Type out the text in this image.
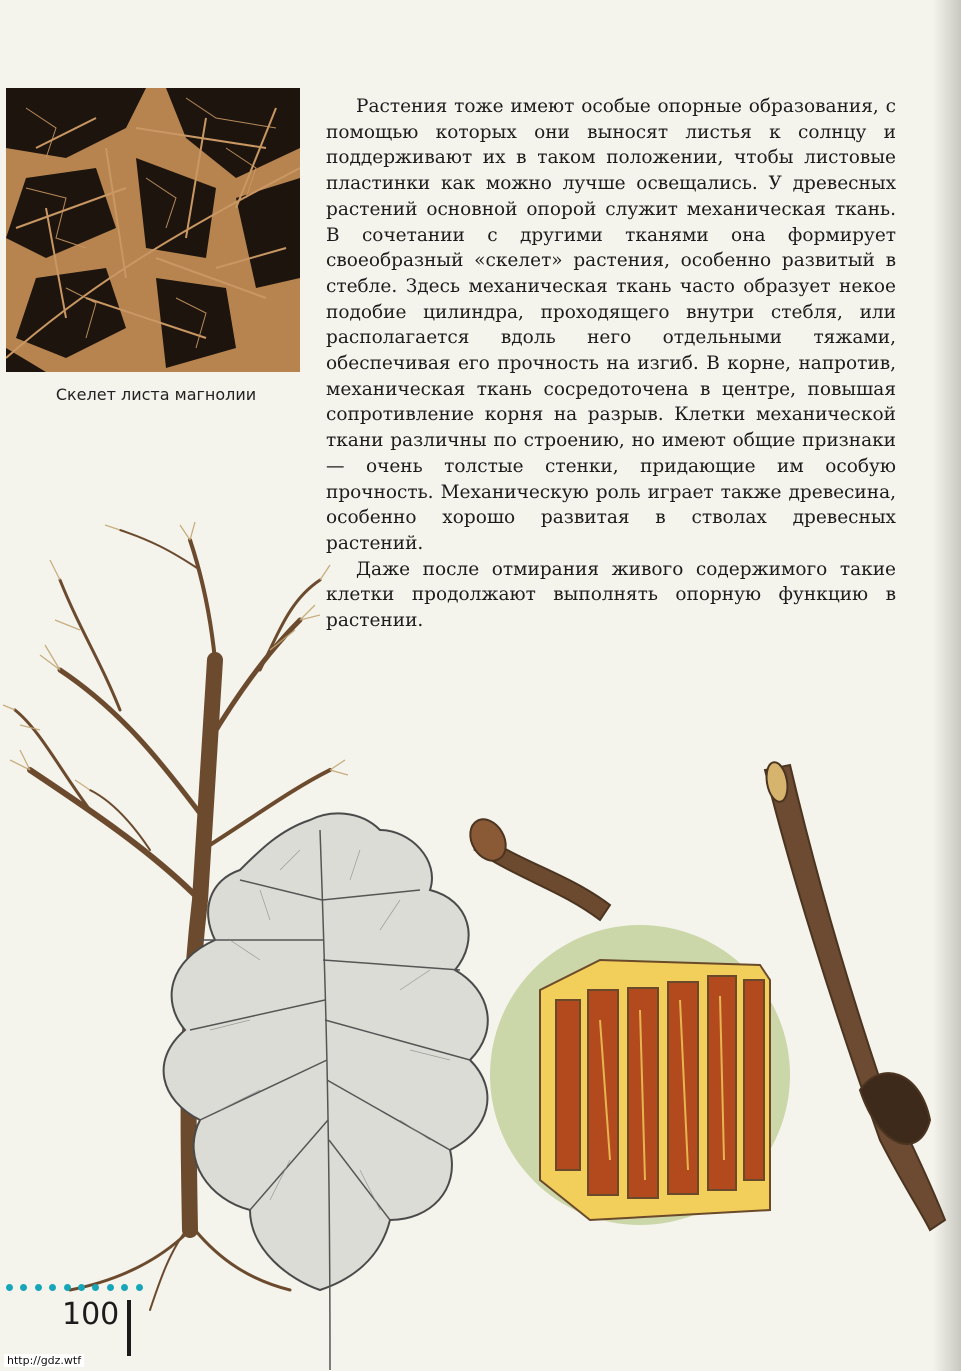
Скелет листа магнолии

Растения тоже имеют особые опорные образования, с помощью которых они выносят листья к солнцу и поддерживают их в таком положении, чтобы листовые пластинки как можно лучше освещались. У древесных растений основной опорой служит механическая ткань. В сочетании с другими тканями она формирует своеобразный «скелет» растения, особенно развитый в стебле. Здесь механическая ткань часто образует некое подобие цилиндра, проходящего внутри стебля, или располагается вдоль него отдельными тяжами, обеспечивая его прочность на изгиб. В корне, напротив, механическая ткань сосредоточена в центре, повышая сопротивление корня на разрыв. Клетки механической ткани различны по строению, но имеют общие признаки — очень толстые стенки, придающие им особую прочность. Механическую роль играет также древесина, особенно хорошо развитая в стволах древесных растений.

Даже после отмирания живого содержимого такие клетки продолжают выполнять опорную функцию в растении.

100
http://gdz.wtf
